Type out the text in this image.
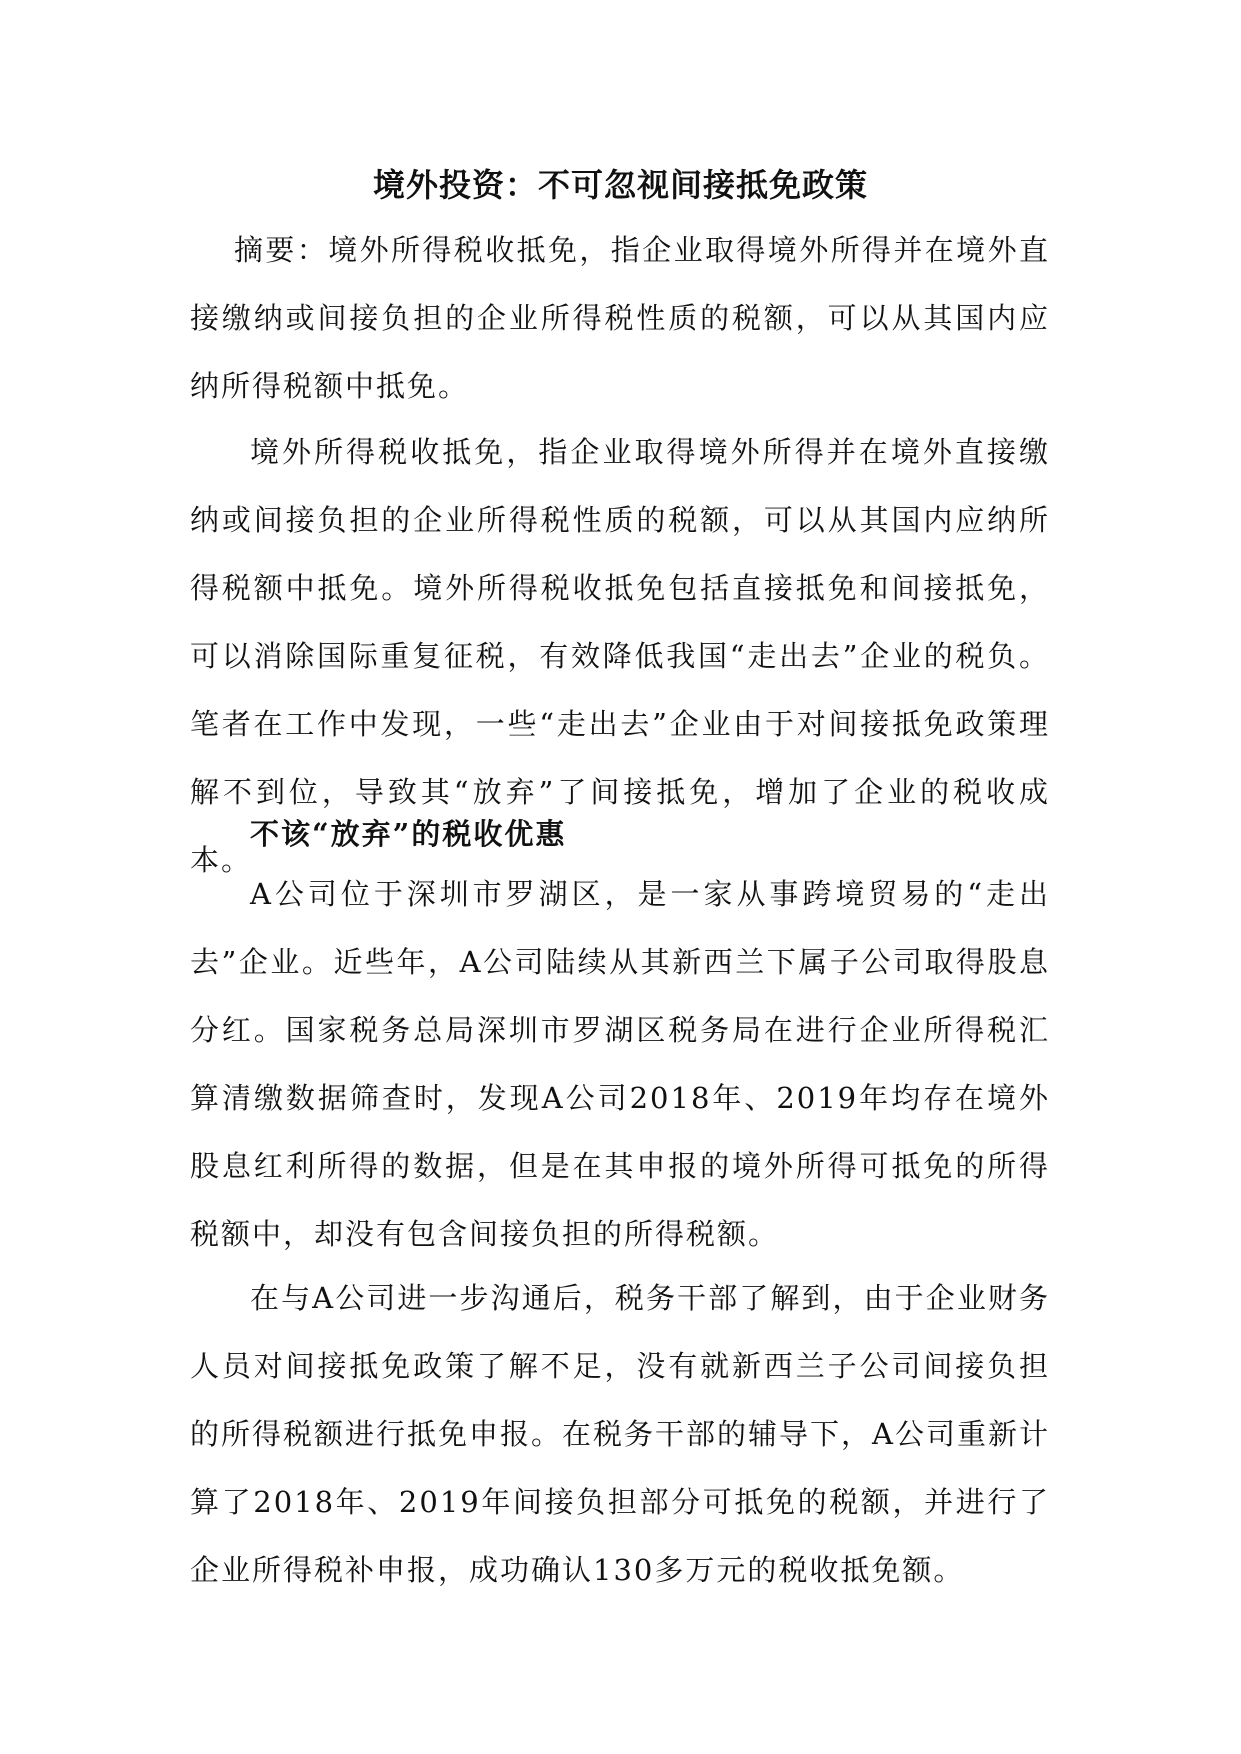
境外投资：不可忽视间接抵免政策
摘要：境外所得税收抵免，指企业取得境外所得并在境外直接缴纳或间接负担的企业所得税性质的税额，可以从其国内应纳所得税额中抵免。
境外所得税收抵免，指企业取得境外所得并在境外直接缴纳或间接负担的企业所得税性质的税额，可以从其国内应纳所得税额中抵免。境外所得税收抵免包括直接抵免和间接抵免，可以消除国际重复征税，有效降低我国“走出去”企业的税负。笔者在工作中发现，一些“走出去”企业由于对间接抵免政策理解不到位，导致其“放弃”了间接抵免，增加了企业的税收成本。
不该“放弃”的税收优惠
A公司位于深圳市罗湖区，是一家从事跨境贸易的“走出去”企业。近些年，A公司陆续从其新西兰下属子公司取得股息分红。国家税务总局深圳市罗湖区税务局在进行企业所得税汇算清缴数据筛查时，发现A公司2018年、2019年均存在境外股息红利所得的数据，但是在其申报的境外所得可抵免的所得税额中，却没有包含间接负担的所得税额。
在与A公司进一步沟通后，税务干部了解到，由于企业财务人员对间接抵免政策了解不足，没有就新西兰子公司间接负担的所得税额进行抵免申报。在税务干部的辅导下，A公司重新计算了2018年、2019年间接负担部分可抵免的税额，并进行了企业所得税补申报，成功确认130多万元的税收抵免额。
